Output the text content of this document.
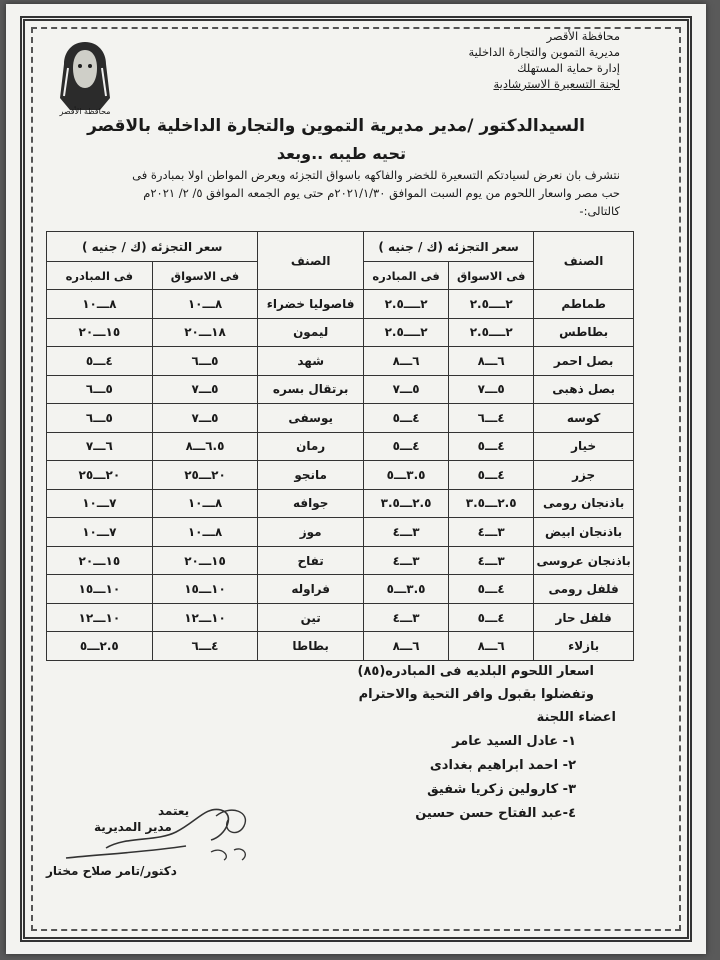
محافظة الأقصر
مديرية التموين والتجارة الداخلية
إدارة حماية المستهلك
لجنة التسعيرة الاسترشادية
محافظة الأقصر
السيدالدكتور /مدير مديرية التموين والتجارة الداخلية بالاقصر
تحيه طيبه ..وبعد
نتشرف بان نعرض لسيادتكم التسعيرة للخضر والفاكهه باسواق التجزئه ويعرض المواطن اولا بمبادرة فى
حب مصر واسعار اللحوم من يوم السبت الموافق ٢٠٢١/١/٣٠م حتى يوم الجمعه الموافق ٥/ ٢/ ٢٠٢١م
كالتالى:-
الصنف	سعر التجزئه (ك / جنيه )		الصنف	سعر التجزئه (ك / جنيه )	
	فى الاسواق	فى المبادره		فى الاسواق	فى المبادره
طماطم	٢ــــ٢.٥	٢ــــ٢.٥	فاصوليا خضراء	٨ـــ١٠	٨ـــ١٠
بطاطس	٢ــــ٢.٥	٢ــــ٢.٥	ليمون	١٨ـــ٢٠	١٥ـــ٢٠
بصل احمر	٦ـــ٨	٦ـــ٨	شهد	٥ـــ٦	٤ـــ٥
بصل ذهبى	٥ـــ٧	٥ـــ٧	برتقال بسره	٥ـــ٧	٥ـــ٦
كوسه	٤ـــ٦	٤ـــ٥	يوسفى	٥ـــ٧	٥ـــ٦
خيار	٤ـــ٥	٤ـــ٥	رمان	٦.٥ـــ٨	٦ـــ٧
جزر	٤ـــ٥	٣.٥ـــ٥	مانجو	٢٠ـــ٢٥	٢٠ـــ٢٥
باذنجان رومى	٢.٥ـــ٣.٥	٢.٥ـــ٣.٥	جوافه	٨ـــ١٠	٧ـــ١٠
باذنجان ابيض	٣ـــ٤	٣ـــ٤	موز	٨ـــ١٠	٧ـــ١٠
باذنجان عروسى	٣ـــ٤	٣ـــ٤	تفاح	١٥ـــ٢٠	١٥ـــ٢٠
فلفل رومى	٤ـــ٥	٣.٥ـــ٥	فراوله	١٠ـــ١٥	١٠ـــ١٥
فلفل حار	٤ـــ٥	٣ـــ٤	تين	١٠ـــ١٢	١٠ـــ١٢
بازلاء	٦ـــ٨	٦ـــ٨	بطاطا	٤ـــ٦	٢.٥ـــ٥
اسعار اللحوم البلديه فى المبادره(٨٥)
وتفضلوا بقبول وافر التحية والاحترام
اعضاء اللجنة
١- عادل السيد عامر
٢- احمد ابراهيم بغدادى
٣- كارولين زكريا شفيق
٤-عبد الفتاح حسن حسين
يعتمد
مدير المديرية
دكتور/تامر صلاح مختار
